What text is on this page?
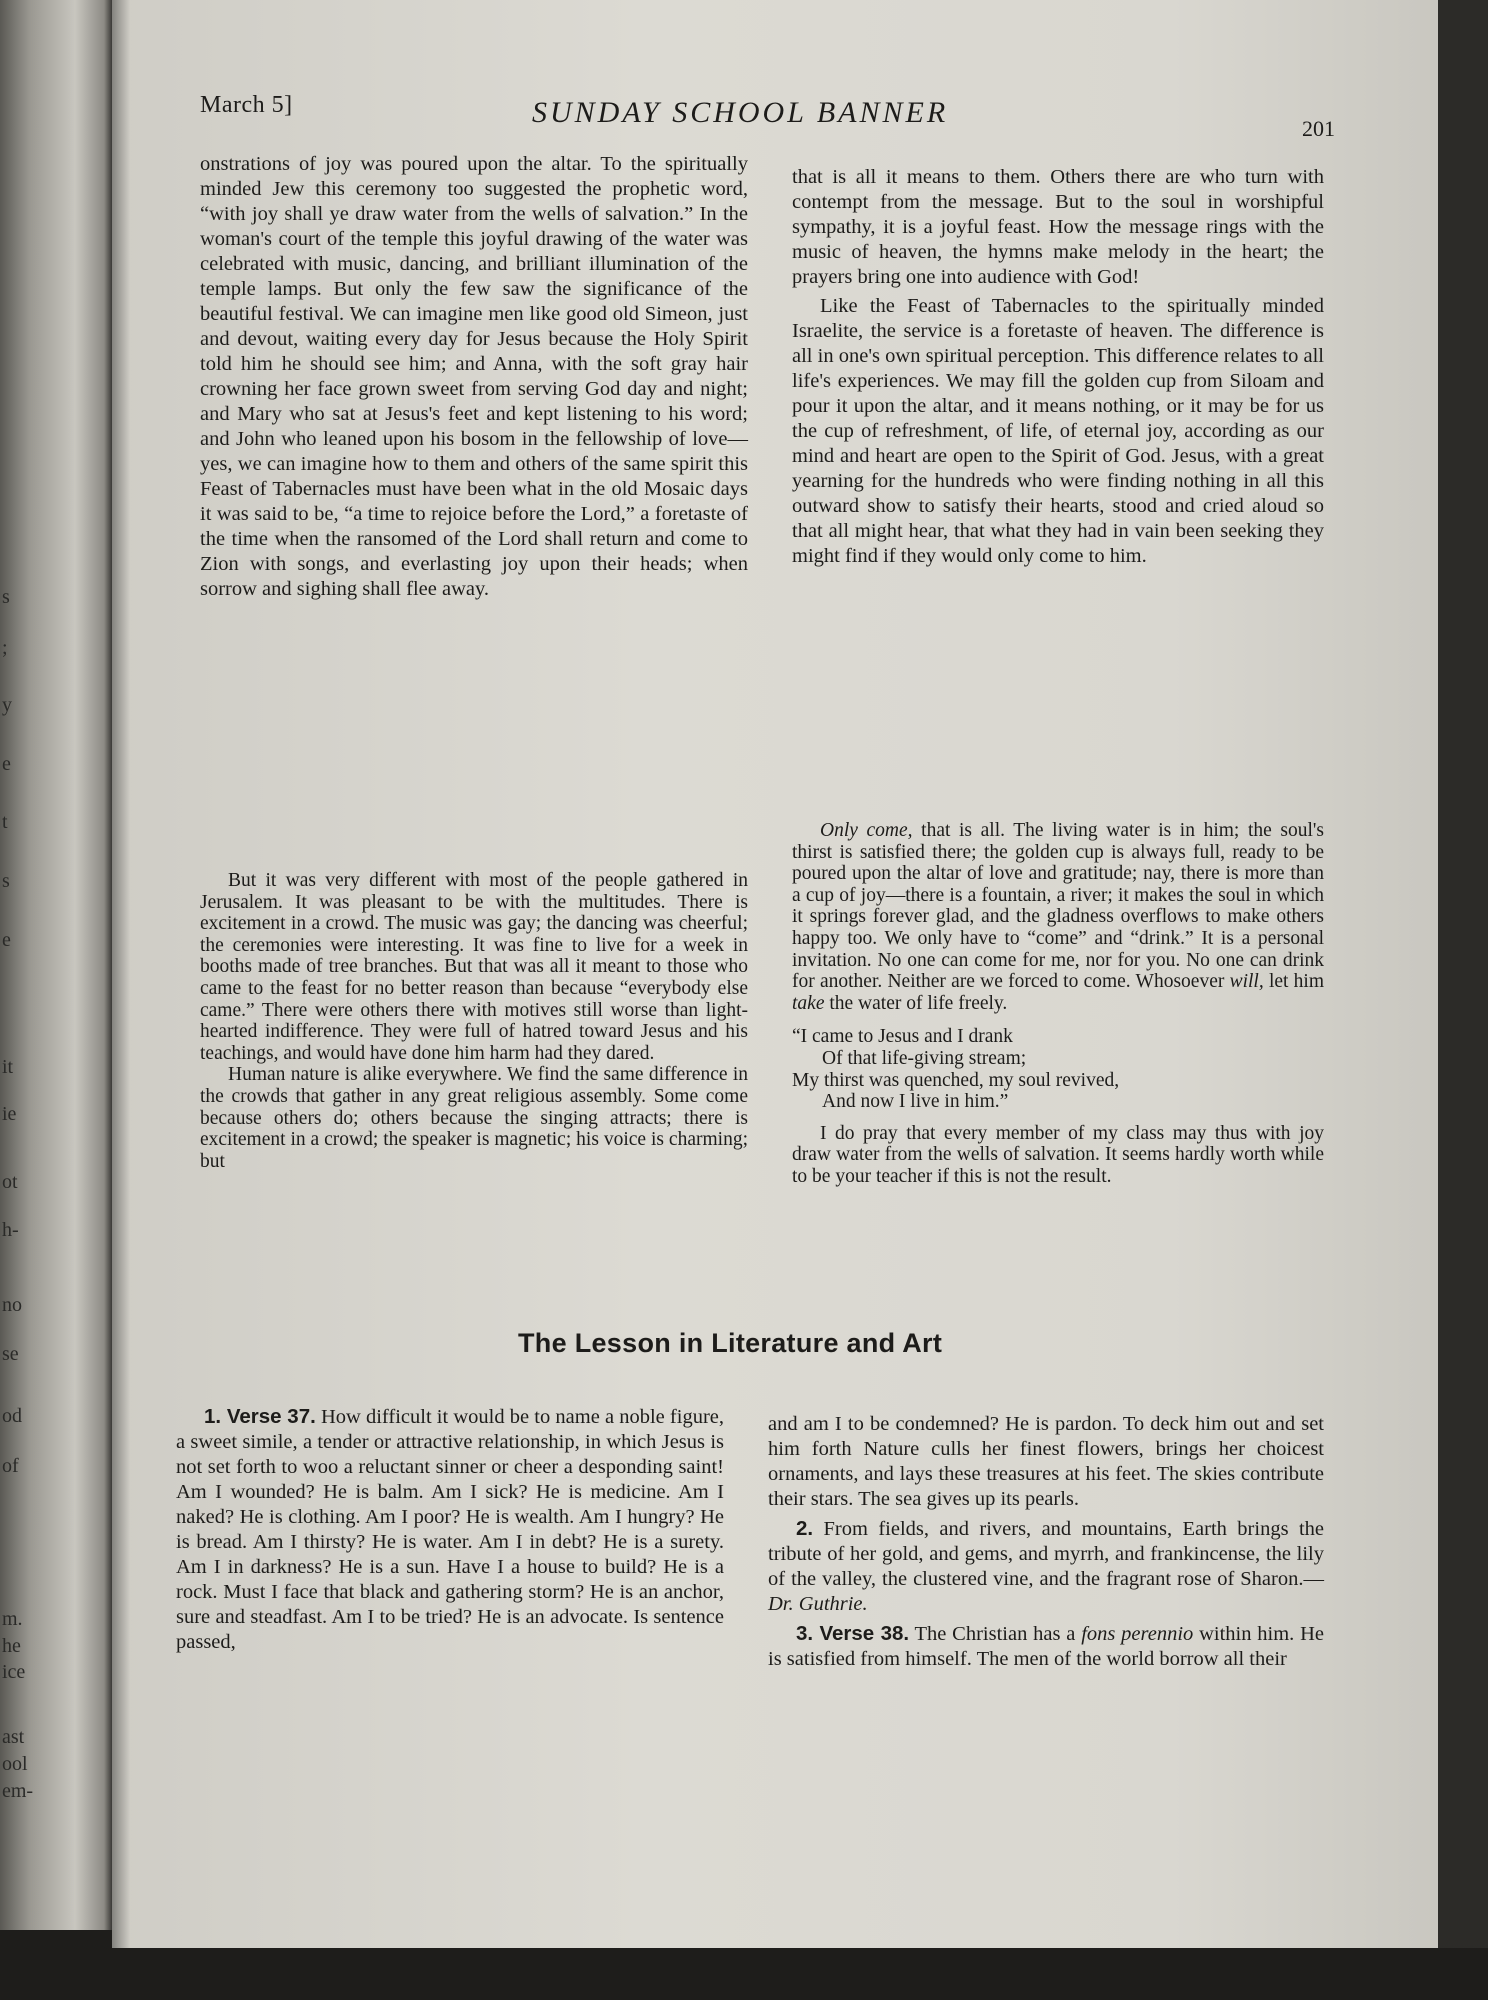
s
;
y
e
t
s
e
it
ie
ot
h-
no
se
od
of
m.
he
ice
ast
ool
em-
March 5]	SUNDAY SCHOOL BANNER	201

onstrations of joy was poured upon the altar. To the spiritually minded Jew this ceremony too suggested the prophetic word, “with joy shall ye draw water from the wells of salvation.” In the woman's court of the temple this joyful drawing of the water was celebrated with music, dancing, and brilliant illumination of the temple lamps. But only the few saw the significance of the beautiful festival. We can imagine men like good old Simeon, just and devout, waiting every day for Jesus because the Holy Spirit told him he should see him; and Anna, with the soft gray hair crowning her face grown sweet from serving God day and night; and Mary who sat at Jesus's feet and kept listening to his word; and John who leaned upon his bosom in the fellowship of love—yes, we can imagine how to them and others of the same spirit this Feast of Tabernacles must have been what in the old Mosaic days it was said to be, “a time to rejoice before the Lord,” a foretaste of the time when the ransomed of the Lord shall return and come to Zion with songs, and everlasting joy upon their heads; when sorrow and sighing shall flee away.

But it was very different with most of the people gathered in Jerusalem. It was pleasant to be with the multitudes. There is excitement in a crowd. The music was gay; the dancing was cheerful; the ceremonies were interesting. It was fine to live for a week in booths made of tree branches. But that was all it meant to those who came to the feast for no better reason than because “everybody else came.” There were others there with motives still worse than light-hearted indifference. They were full of hatred toward Jesus and his teachings, and would have done him harm had they dared.

Human nature is alike everywhere. We find the same difference in the crowds that gather in any great religious assembly. Some come because others do; others because the singing attracts; there is excitement in a crowd; the speaker is magnetic; his voice is charming; but

that is all it means to them. Others there are who turn with contempt from the message. But to the soul in worshipful sympathy, it is a joyful feast. How the message rings with the music of heaven, the hymns make melody in the heart; the prayers bring one into audience with God!

Like the Feast of Tabernacles to the spiritually minded Israelite, the service is a foretaste of heaven. The difference is all in one's own spiritual perception. This difference relates to all life's experiences. We may fill the golden cup from Siloam and pour it upon the altar, and it means nothing, or it may be for us the cup of refreshment, of life, of eternal joy, according as our mind and heart are open to the Spirit of God. Jesus, with a great yearning for the hundreds who were finding nothing in all this outward show to satisfy their hearts, stood and cried aloud so that all might hear, that what they had in vain been seeking they might find if they would only come to him.

Only come, that is all. The living water is in him; the soul's thirst is satisfied there; the golden cup is always full, ready to be poured upon the altar of love and gratitude; nay, there is more than a cup of joy—there is a fountain, a river; it makes the soul in which it springs forever glad, and the gladness overflows to make others happy too. We only have to “come” and “drink.” It is a personal invitation. No one can come for me, nor for you. No one can drink for another. Neither are we forced to come. Whosoever will, let him take the water of life freely.

“I came to Jesus and I drank
Of that life-giving stream;
My thirst was quenched, my soul revived,
And now I live in him.”

I do pray that every member of my class may thus with joy draw water from the wells of salvation. It seems hardly worth while to be your teacher if this is not the result.

The Lesson in Literature and Art

1. Verse 37. How difficult it would be to name a noble figure, a sweet simile, a tender or attractive relationship, in which Jesus is not set forth to woo a reluctant sinner or cheer a desponding saint! Am I wounded? He is balm. Am I sick? He is medicine. Am I naked? He is clothing. Am I poor? He is wealth. Am I hungry? He is bread. Am I thirsty? He is water. Am I in debt? He is a surety. Am I in darkness? He is a sun. Have I a house to build? He is a rock. Must I face that black and gathering storm? He is an anchor, sure and steadfast. Am I to be tried? He is an advocate. Is sentence passed,

and am I to be condemned? He is pardon. To deck him out and set him forth Nature culls her finest flowers, brings her choicest ornaments, and lays these treasures at his feet. The skies contribute their stars. The sea gives up its pearls.

2. From fields, and rivers, and mountains, Earth brings the tribute of her gold, and gems, and myrrh, and frankincense, the lily of the valley, the clustered vine, and the fragrant rose of Sharon.—Dr. Guthrie.

3. Verse 38. The Christian has a fons perennio within him. He is satisfied from himself. The men of the world borrow all their
